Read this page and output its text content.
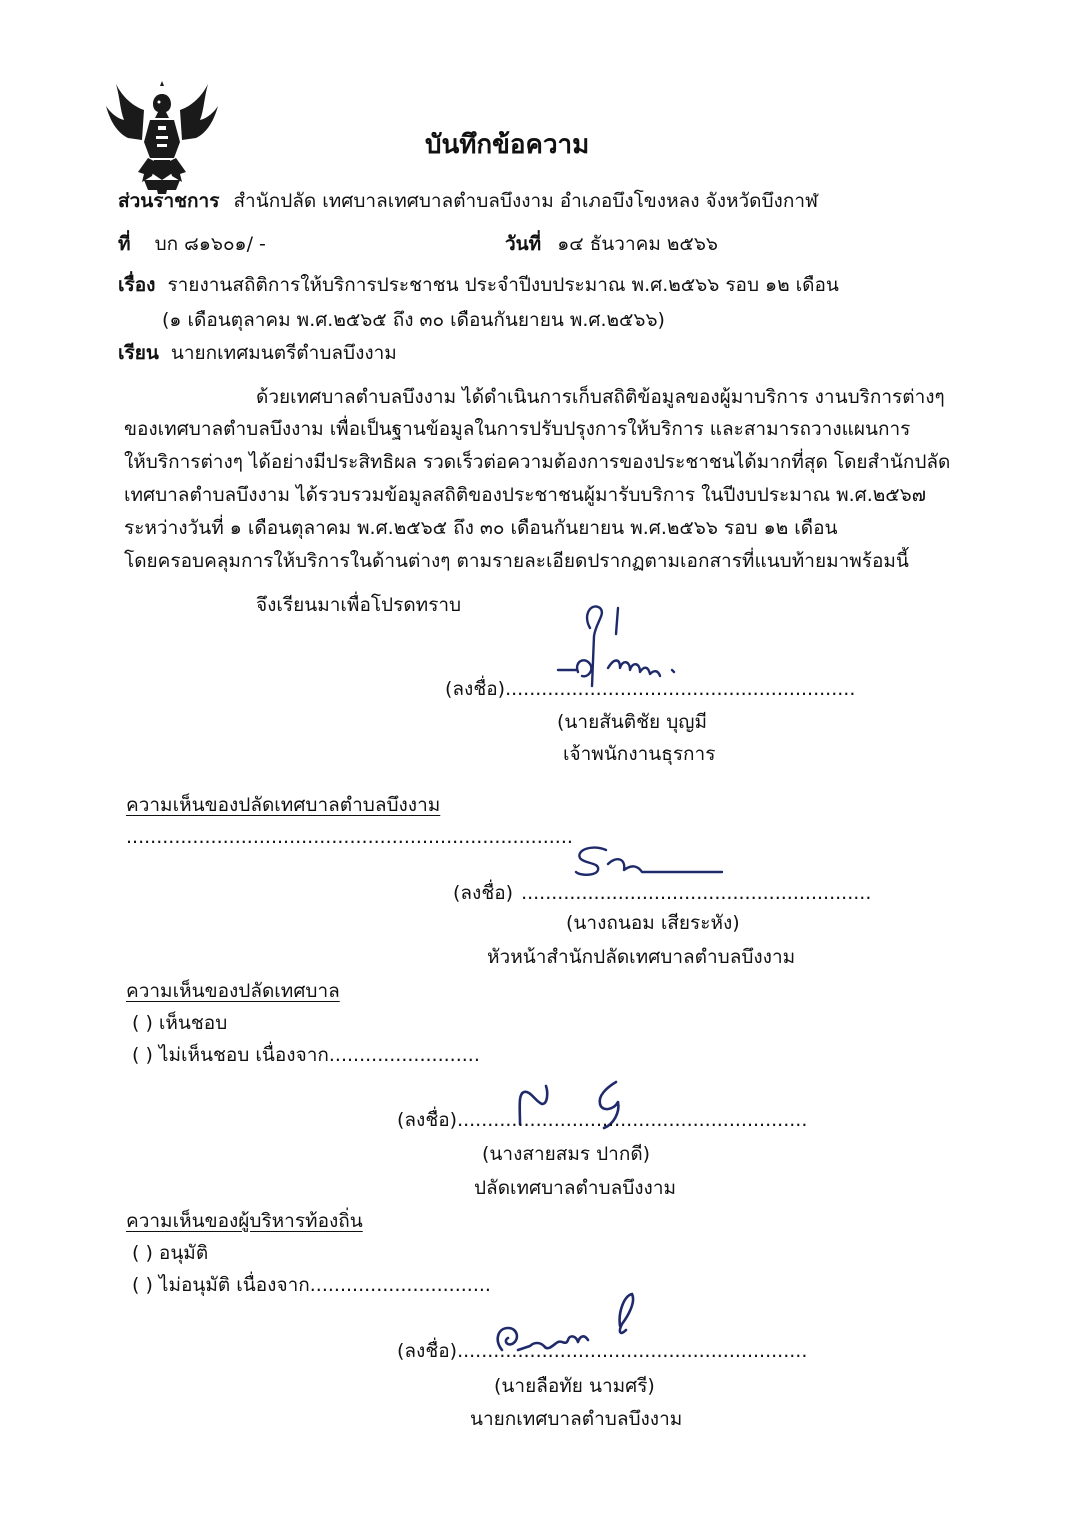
บันทึกข้อความ
ส่วนราชการ สำนักปลัด เทศบาลเทศบาลตำบลบึงงาม อำเภอบึงโขงหลง จังหวัดบึงกาฬ
ที่ บก ๘๑๖๐๑/ -	วันที่ ๑๔ ธันวาคม ๒๕๖๖
เรื่อง รายงานสถิติการให้บริการประชาชน ประจำปีงบประมาณ พ.ศ.๒๕๖๖ รอบ ๑๒ เดือน
(๑ เดือนตุลาคม พ.ศ.๒๕๖๕ ถึง ๓๐ เดือนกันยายน พ.ศ.๒๕๖๖)
เรียน นายกเทศมนตรีตำบลบึงงาม
ด้วยเทศบาลตำบลบึงงาม ได้ดำเนินการเก็บสถิติข้อมูลของผู้มาบริการ งานบริการต่างๆ
ของเทศบาลตำบลบึงงาม เพื่อเป็นฐานข้อมูลในการปรับปรุงการให้บริการ และสามารถวางแผนการ
ให้บริการต่างๆ ได้อย่างมีประสิทธิผล รวดเร็วต่อความต้องการของประชาชนได้มากที่สุด โดยสำนักปลัด
เทศบาลตำบลบึงงาม ได้รวบรวมข้อมูลสถิติของประชาชนผู้มารับบริการ ในปีงบประมาณ พ.ศ.๒๕๖๗
ระหว่างวันที่ ๑ เดือนตุลาคม พ.ศ.๒๕๖๕ ถึง ๓๐ เดือนกันยายน พ.ศ.๒๕๖๖ รอบ ๑๒ เดือน
โดยครอบคลุมการให้บริการในด้านต่างๆ ตามรายละเอียดปรากฏตามเอกสารที่แนบท้ายมาพร้อมนี้
จึงเรียนมาเพื่อโปรดทราบ
(ลงชื่อ)..........................................................
(นายสันติชัย บุญมี
เจ้าพนักงานธุรการ
ความเห็นของปลัดเทศบาลตำบลบึงงาม
..........................................................................
(ลงชื่อ) ..........................................................
(นางถนอม เสียระหัง)
หัวหน้าสำนักปลัดเทศบาลตำบลบึงงาม
ความเห็นของปลัดเทศบาล
( ) เห็นชอบ
( ) ไม่เห็นชอบ เนื่องจาก.........................
(ลงชื่อ)..........................................................
(นางสายสมร ปากดี)
ปลัดเทศบาลตำบลบึงงาม
ความเห็นของผู้บริหารท้องถิ่น
( ) อนุมัติ
( ) ไม่อนุมัติ เนื่องจาก..............................
(ลงชื่อ)..........................................................
(นายลือทัย นามศรี)
นายกเทศบาลตำบลบึงงาม
